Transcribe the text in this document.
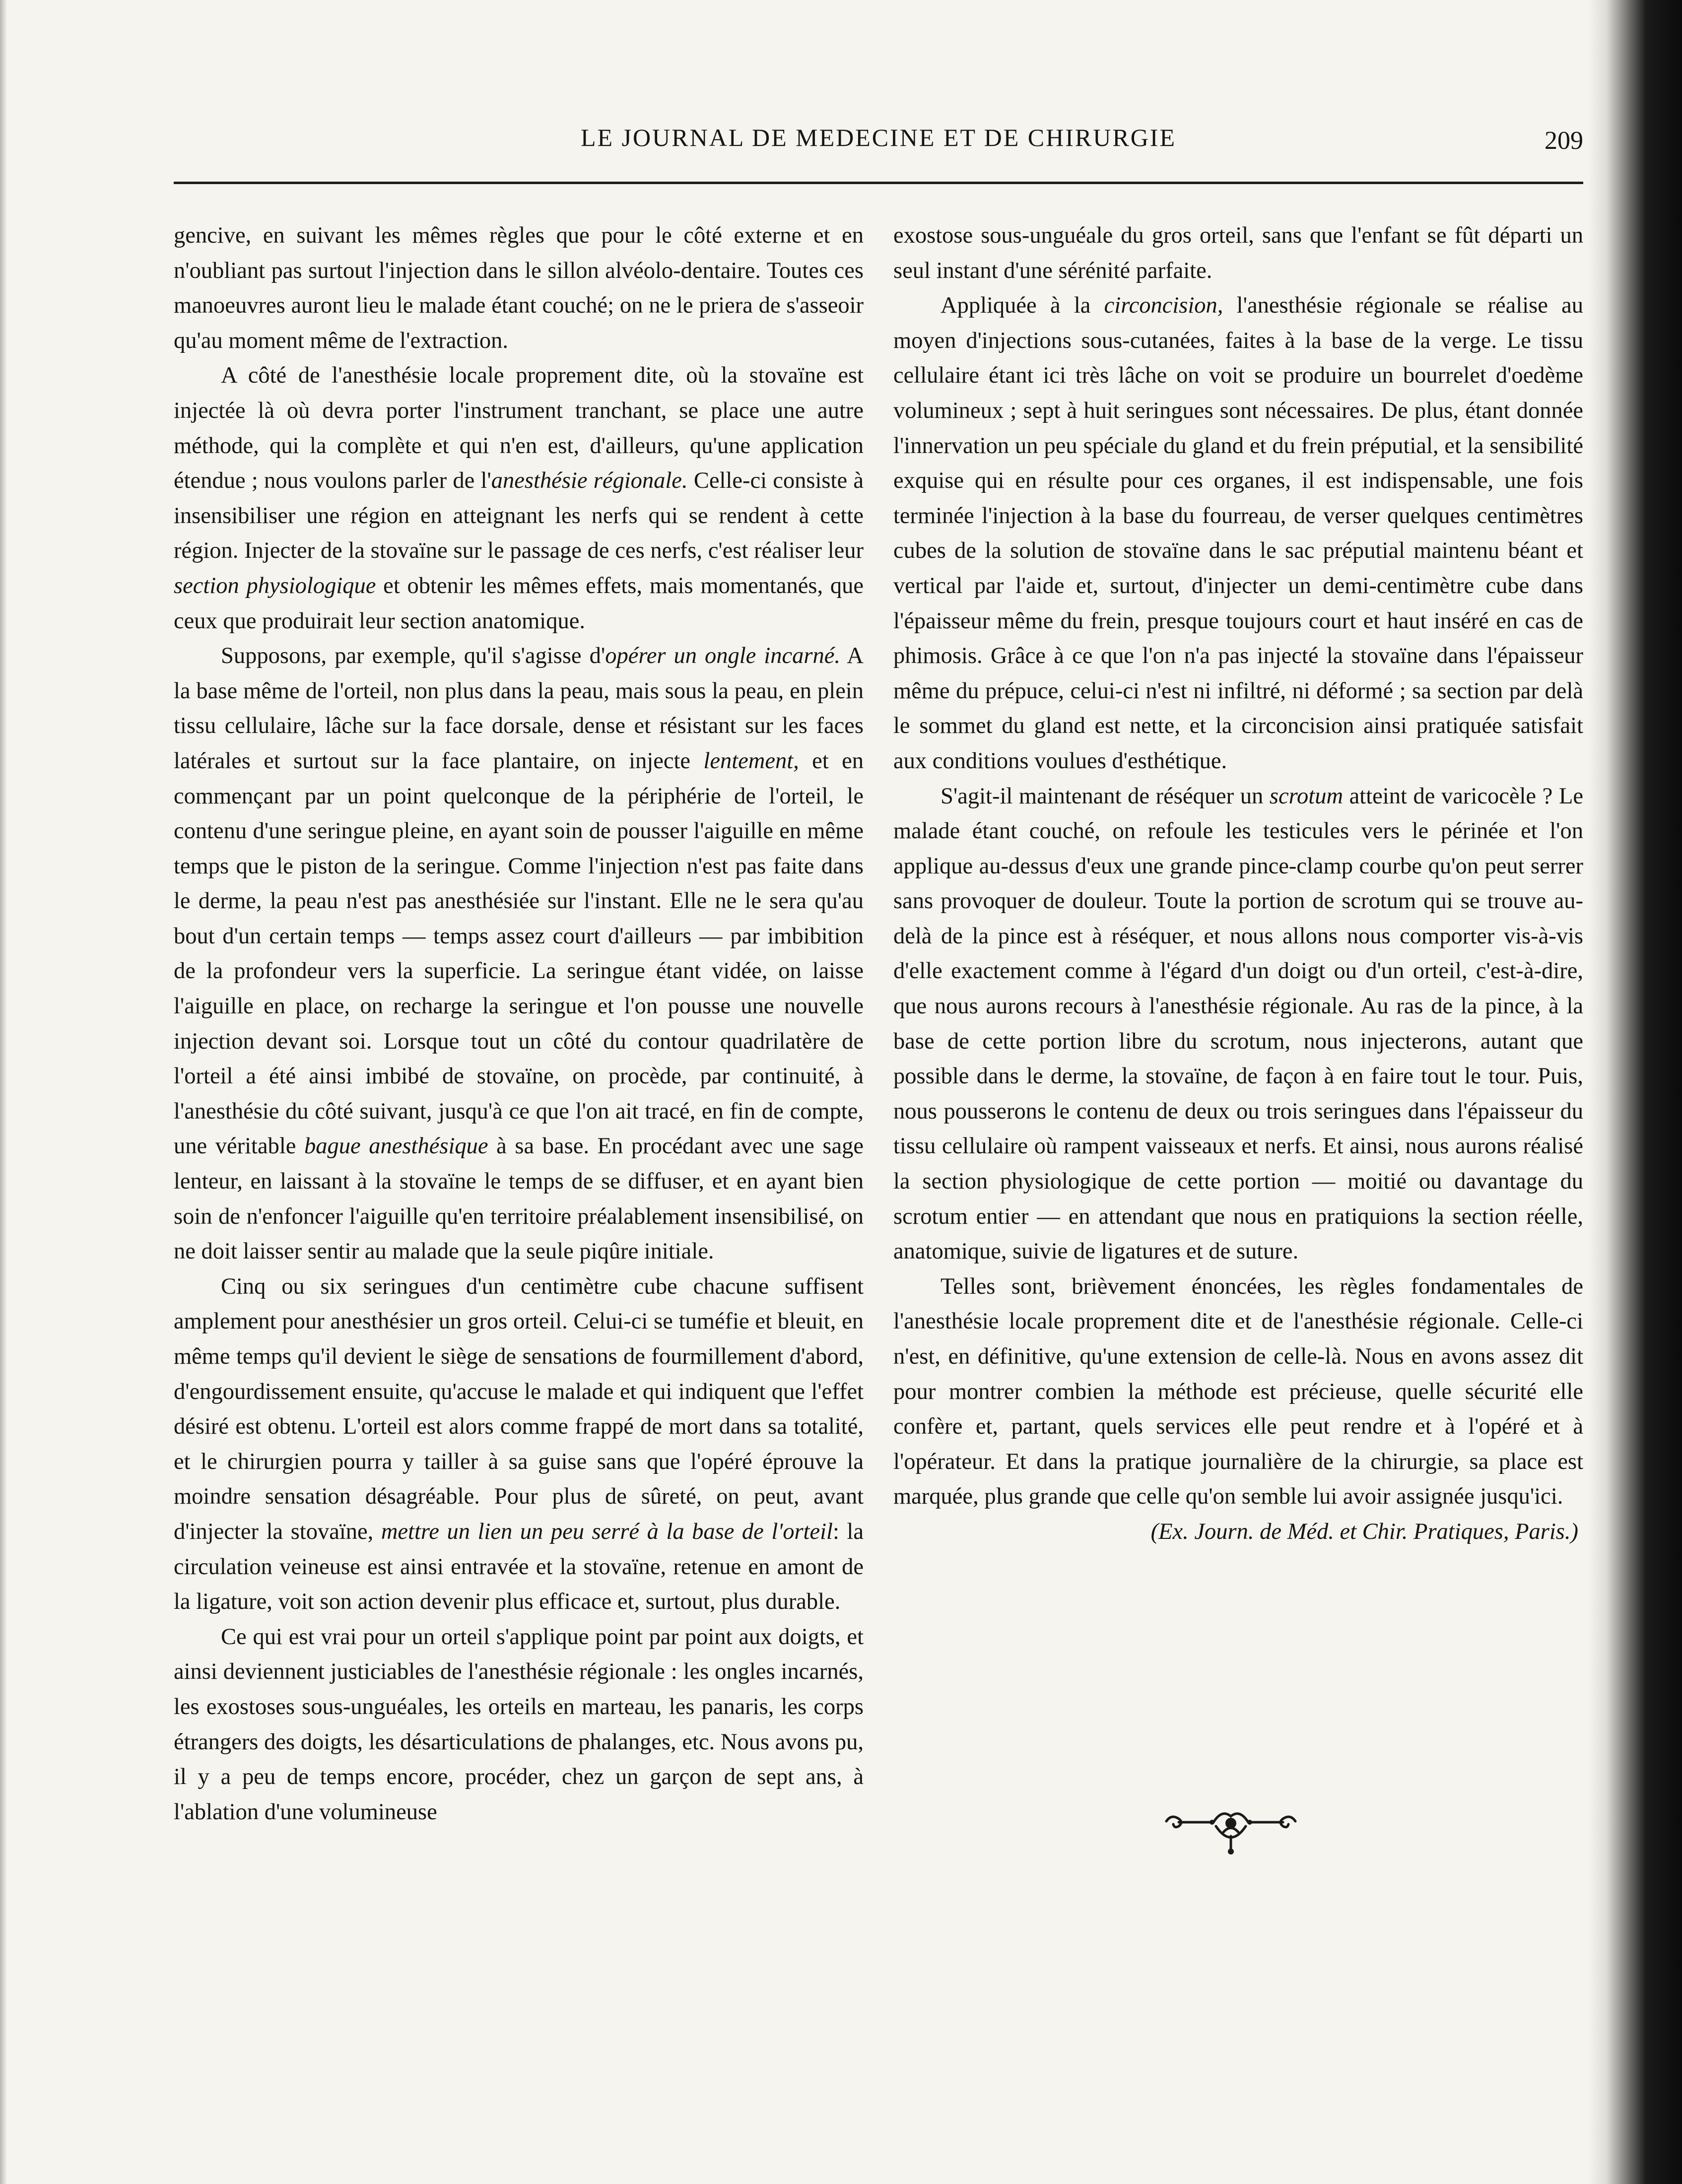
LE JOURNAL DE MEDECINE ET DE CHIRURGIE	209

gencive, en suivant les mêmes règles que pour le côté externe et en n'oubliant pas surtout l'injection dans le sillon alvéolo-dentaire. Toutes ces manoeuvres auront lieu le malade étant couché; on ne le priera de s'asseoir qu'au moment même de l'extraction.

A côté de l'anesthésie locale proprement dite, où la stovaïne est injectée là où devra porter l'instrument tranchant, se place une autre méthode, qui la complète et qui n'en est, d'ailleurs, qu'une application étendue ; nous voulons parler de l'anesthésie régionale. Celle-ci consiste à insensibiliser une région en atteignant les nerfs qui se rendent à cette région. Injecter de la stovaïne sur le passage de ces nerfs, c'est réaliser leur section physiologique et obtenir les mêmes effets, mais momentanés, que ceux que produirait leur section anatomique.

Supposons, par exemple, qu'il s'agisse d'opérer un ongle incarné. A la base même de l'orteil, non plus dans la peau, mais sous la peau, en plein tissu cellulaire, lâche sur la face dorsale, dense et résistant sur les faces latérales et surtout sur la face plantaire, on injecte lentement, et en commençant par un point quelconque de la périphérie de l'orteil, le contenu d'une seringue pleine, en ayant soin de pousser l'aiguille en même temps que le piston de la seringue. Comme l'injection n'est pas faite dans le derme, la peau n'est pas anesthésiée sur l'instant. Elle ne le sera qu'au bout d'un certain temps — temps assez court d'ailleurs — par imbibition de la profondeur vers la superficie. La seringue étant vidée, on laisse l'aiguille en place, on recharge la seringue et l'on pousse une nouvelle injection devant soi. Lorsque tout un côté du contour quadrilatère de l'orteil a été ainsi imbibé de stovaïne, on procède, par continuité, à l'anesthésie du côté suivant, jusqu'à ce que l'on ait tracé, en fin de compte, une véritable bague anesthésique à sa base. En procédant avec une sage lenteur, en laissant à la stovaïne le temps de se diffuser, et en ayant bien soin de n'enfoncer l'aiguille qu'en territoire préalablement insensibilisé, on ne doit laisser sentir au malade que la seule piqûre initiale.

Cinq ou six seringues d'un centimètre cube chacune suffisent amplement pour anesthésier un gros orteil. Celui-ci se tuméfie et bleuit, en même temps qu'il devient le siège de sensations de fourmillement d'abord, d'engourdissement ensuite, qu'accuse le malade et qui indiquent que l'effet désiré est obtenu. L'orteil est alors comme frappé de mort dans sa totalité, et le chirurgien pourra y tailler à sa guise sans que l'opéré éprouve la moindre sensation désagréable. Pour plus de sûreté, on peut, avant d'injecter la stovaïne, mettre un lien un peu serré à la base de l'orteil: la circulation veineuse est ainsi entravée et la stovaïne, retenue en amont de la ligature, voit son action devenir plus efficace et, surtout, plus durable.

Ce qui est vrai pour un orteil s'applique point par point aux doigts, et ainsi deviennent justiciables de l'anesthésie régionale : les ongles incarnés, les exostoses sous-unguéales, les orteils en marteau, les panaris, les corps étrangers des doigts, les désarticulations de phalanges, etc. Nous avons pu, il y a peu de temps encore, procéder, chez un garçon de sept ans, à l'ablation d'une volumineuse

exostose sous-unguéale du gros orteil, sans que l'enfant se fût départi un seul instant d'une sérénité parfaite.

Appliquée à la circoncision, l'anesthésie régionale se réalise au moyen d'injections sous-cutanées, faites à la base de la verge. Le tissu cellulaire étant ici très lâche on voit se produire un bourrelet d'oedème volumineux ; sept à huit seringues sont nécessaires. De plus, étant donnée l'innervation un peu spéciale du gland et du frein préputial, et la sensibilité exquise qui en résulte pour ces organes, il est indispensable, une fois terminée l'injection à la base du fourreau, de verser quelques centimètres cubes de la solution de stovaïne dans le sac préputial maintenu béant et vertical par l'aide et, surtout, d'injecter un demi-centimètre cube dans l'épaisseur même du frein, presque toujours court et haut inséré en cas de phimosis. Grâce à ce que l'on n'a pas injecté la stovaïne dans l'épaisseur même du prépuce, celui-ci n'est ni infiltré, ni déformé ; sa section par delà le sommet du gland est nette, et la circoncision ainsi pratiquée satisfait aux conditions voulues d'esthétique.

S'agit-il maintenant de réséquer un scrotum atteint de varicocèle ? Le malade étant couché, on refoule les testicules vers le périnée et l'on applique au-dessus d'eux une grande pince-clamp courbe qu'on peut serrer sans provoquer de douleur. Toute la portion de scrotum qui se trouve au-delà de la pince est à réséquer, et nous allons nous comporter vis-à-vis d'elle exactement comme à l'égard d'un doigt ou d'un orteil, c'est-à-dire, que nous aurons recours à l'anesthésie régionale. Au ras de la pince, à la base de cette portion libre du scrotum, nous injecterons, autant que possible dans le derme, la stovaïne, de façon à en faire tout le tour. Puis, nous pousserons le contenu de deux ou trois seringues dans l'épaisseur du tissu cellulaire où rampent vaisseaux et nerfs. Et ainsi, nous aurons réalisé la section physiologique de cette portion — moitié ou davantage du scrotum entier — en attendant que nous en pratiquions la section réelle, anatomique, suivie de ligatures et de suture.

Telles sont, brièvement énoncées, les règles fondamentales de l'anesthésie locale proprement dite et de l'anesthésie régionale. Celle-ci n'est, en définitive, qu'une extension de celle-là. Nous en avons assez dit pour montrer combien la méthode est précieuse, quelle sécurité elle confère et, partant, quels services elle peut rendre et à l'opéré et à l'opérateur. Et dans la pratique journalière de la chirurgie, sa place est marquée, plus grande que celle qu'on semble lui avoir assignée jusqu'ici.

(Ex. Journ. de Méd. et Chir. Pratiques, Paris.)
